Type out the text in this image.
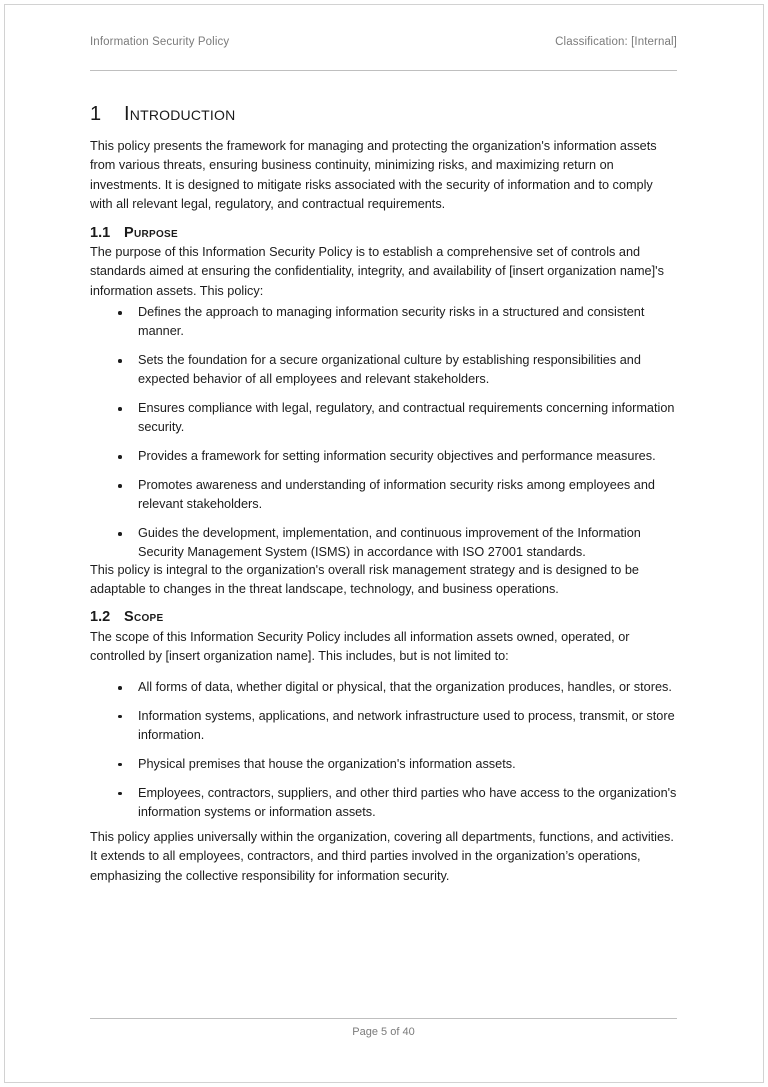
Information Security Policy	Classification: [Internal]
1 Introduction
This policy presents the framework for managing and protecting the organization's information assets from various threats, ensuring business continuity, minimizing risks, and maximizing return on investments. It is designed to mitigate risks associated with the security of information and to comply with all relevant legal, regulatory, and contractual requirements.
1.1 Purpose
The purpose of this Information Security Policy is to establish a comprehensive set of controls and standards aimed at ensuring the confidentiality, integrity, and availability of [insert organization name]'s information assets. This policy:
Defines the approach to managing information security risks in a structured and consistent manner.
Sets the foundation for a secure organizational culture by establishing responsibilities and expected behavior of all employees and relevant stakeholders.
Ensures compliance with legal, regulatory, and contractual requirements concerning information security.
Provides a framework for setting information security objectives and performance measures.
Promotes awareness and understanding of information security risks among employees and relevant stakeholders.
Guides the development, implementation, and continuous improvement of the Information Security Management System (ISMS) in accordance with ISO 27001 standards.
This policy is integral to the organization's overall risk management strategy and is designed to be adaptable to changes in the threat landscape, technology, and business operations.
1.2 Scope
The scope of this Information Security Policy includes all information assets owned, operated, or controlled by [insert organization name]. This includes, but is not limited to:
All forms of data, whether digital or physical, that the organization produces, handles, or stores.
Information systems, applications, and network infrastructure used to process, transmit, or store information.
Physical premises that house the organization's information assets.
Employees, contractors, suppliers, and other third parties who have access to the organization's information systems or information assets.
This policy applies universally within the organization, covering all departments, functions, and activities. It extends to all employees, contractors, and third parties involved in the organization’s operations, emphasizing the collective responsibility for information security.
Page 5 of 40
